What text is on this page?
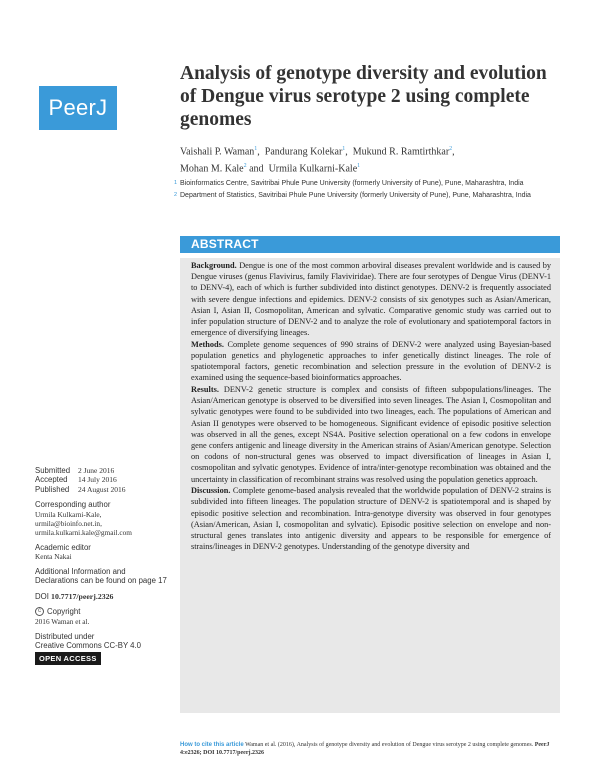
PeerJ
Analysis of genotype diversity and evolution of Dengue virus serotype 2 using complete genomes
Vaishali P. Waman$^1$,  Pandurang Kolekar$^1$,  Mukund R. Ramtirthkar$^2$,
Mohan M. Kale$^2$ and  Urmila Kulkarni-Kale$^1$
1 Bioinformatics Centre, Savitribai Phule Pune University (formerly University of Pune), Pune, Maharashtra, India
2 Department of Statistics, Savitribai Phule Pune University (formerly University of Pune), Pune, Maharashtra, India
ABSTRACT

Background. Dengue is one of the most common arboviral diseases prevalent worldwide and is caused by Dengue viruses (genus Flavivirus, family Flaviviridae). There are four serotypes of Dengue Virus (DENV-1 to DENV-4), each of which is further subdivided into distinct genotypes. DENV-2 is frequently associated with severe dengue infections and epidemics. DENV-2 consists of six genotypes such as Asian/American, Asian I, Asian II, Cosmopolitan, American and sylvatic. Comparative genomic study was carried out to infer population structure of DENV-2 and to analyze the role of evolutionary and spatiotemporal factors in emergence of diversifying lineages.

Methods. Complete genome sequences of 990 strains of DENV-2 were analyzed using Bayesian-based population genetics and phylogenetic approaches to infer genetically distinct lineages. The role of spatiotemporal factors, genetic recombination and selection pressure in the evolution of DENV-2 is examined using the sequence-based bioinformatics approaches.

Results. DENV-2 genetic structure is complex and consists of fifteen subpopulations/lineages. The Asian/American genotype is observed to be diversified into seven lineages. The Asian I, Cosmopolitan and sylvatic genotypes were found to be subdivided into two lineages, each. The populations of American and Asian II genotypes were observed to be homogeneous. Significant evidence of episodic positive selection was observed in all the genes, except NS4A. Positive selection operational on a few codons in envelope gene confers antigenic and lineage diversity in the American strains of Asian/American genotype. Selection on codons of non-structural genes was observed to impact diversification of lineages in Asian I, cosmopolitan and sylvatic genotypes. Evidence of intra/inter-genotype recombination was obtained and the uncertainty in classification of recombinant strains was resolved using the population genetics approach.

Discussion. Complete genome-based analysis revealed that the worldwide population of DENV-2 strains is subdivided into fifteen lineages. The population structure of DENV-2 is spatiotemporal and is shaped by episodic positive selection and recombination. Intra-genotype diversity was observed in four genotypes (Asian/American, Asian I, cosmopolitan and sylvatic). Episodic positive selection on envelope and non-structural genes translates into antigenic diversity and appears to be responsible for emergence of strains/lineages in DENV-2 genotypes. Understanding of the genotype diversity and

Submitted 2 June 2016
Accepted 14 July 2016
Published 24 August 2016
Corresponding author
Urmila Kulkarni-Kale,
urmila@bioinfo.net.in,
urmila.kulkarni.kale@gmail.com
Academic editor
Kenta Nakai
Additional Information and Declarations can be found on page 17
DOI 10.7717/peerj.2326
c Copyright
2016 Waman et al.
Distributed under
Creative Commons CC-BY 4.0
OPEN ACCESS
How to cite this article Waman et al. (2016), Analysis of genotype diversity and evolution of Dengue virus serotype 2 using complete genomes. PeerJ 4:e2326; DOI 10.7717/peerj.2326
